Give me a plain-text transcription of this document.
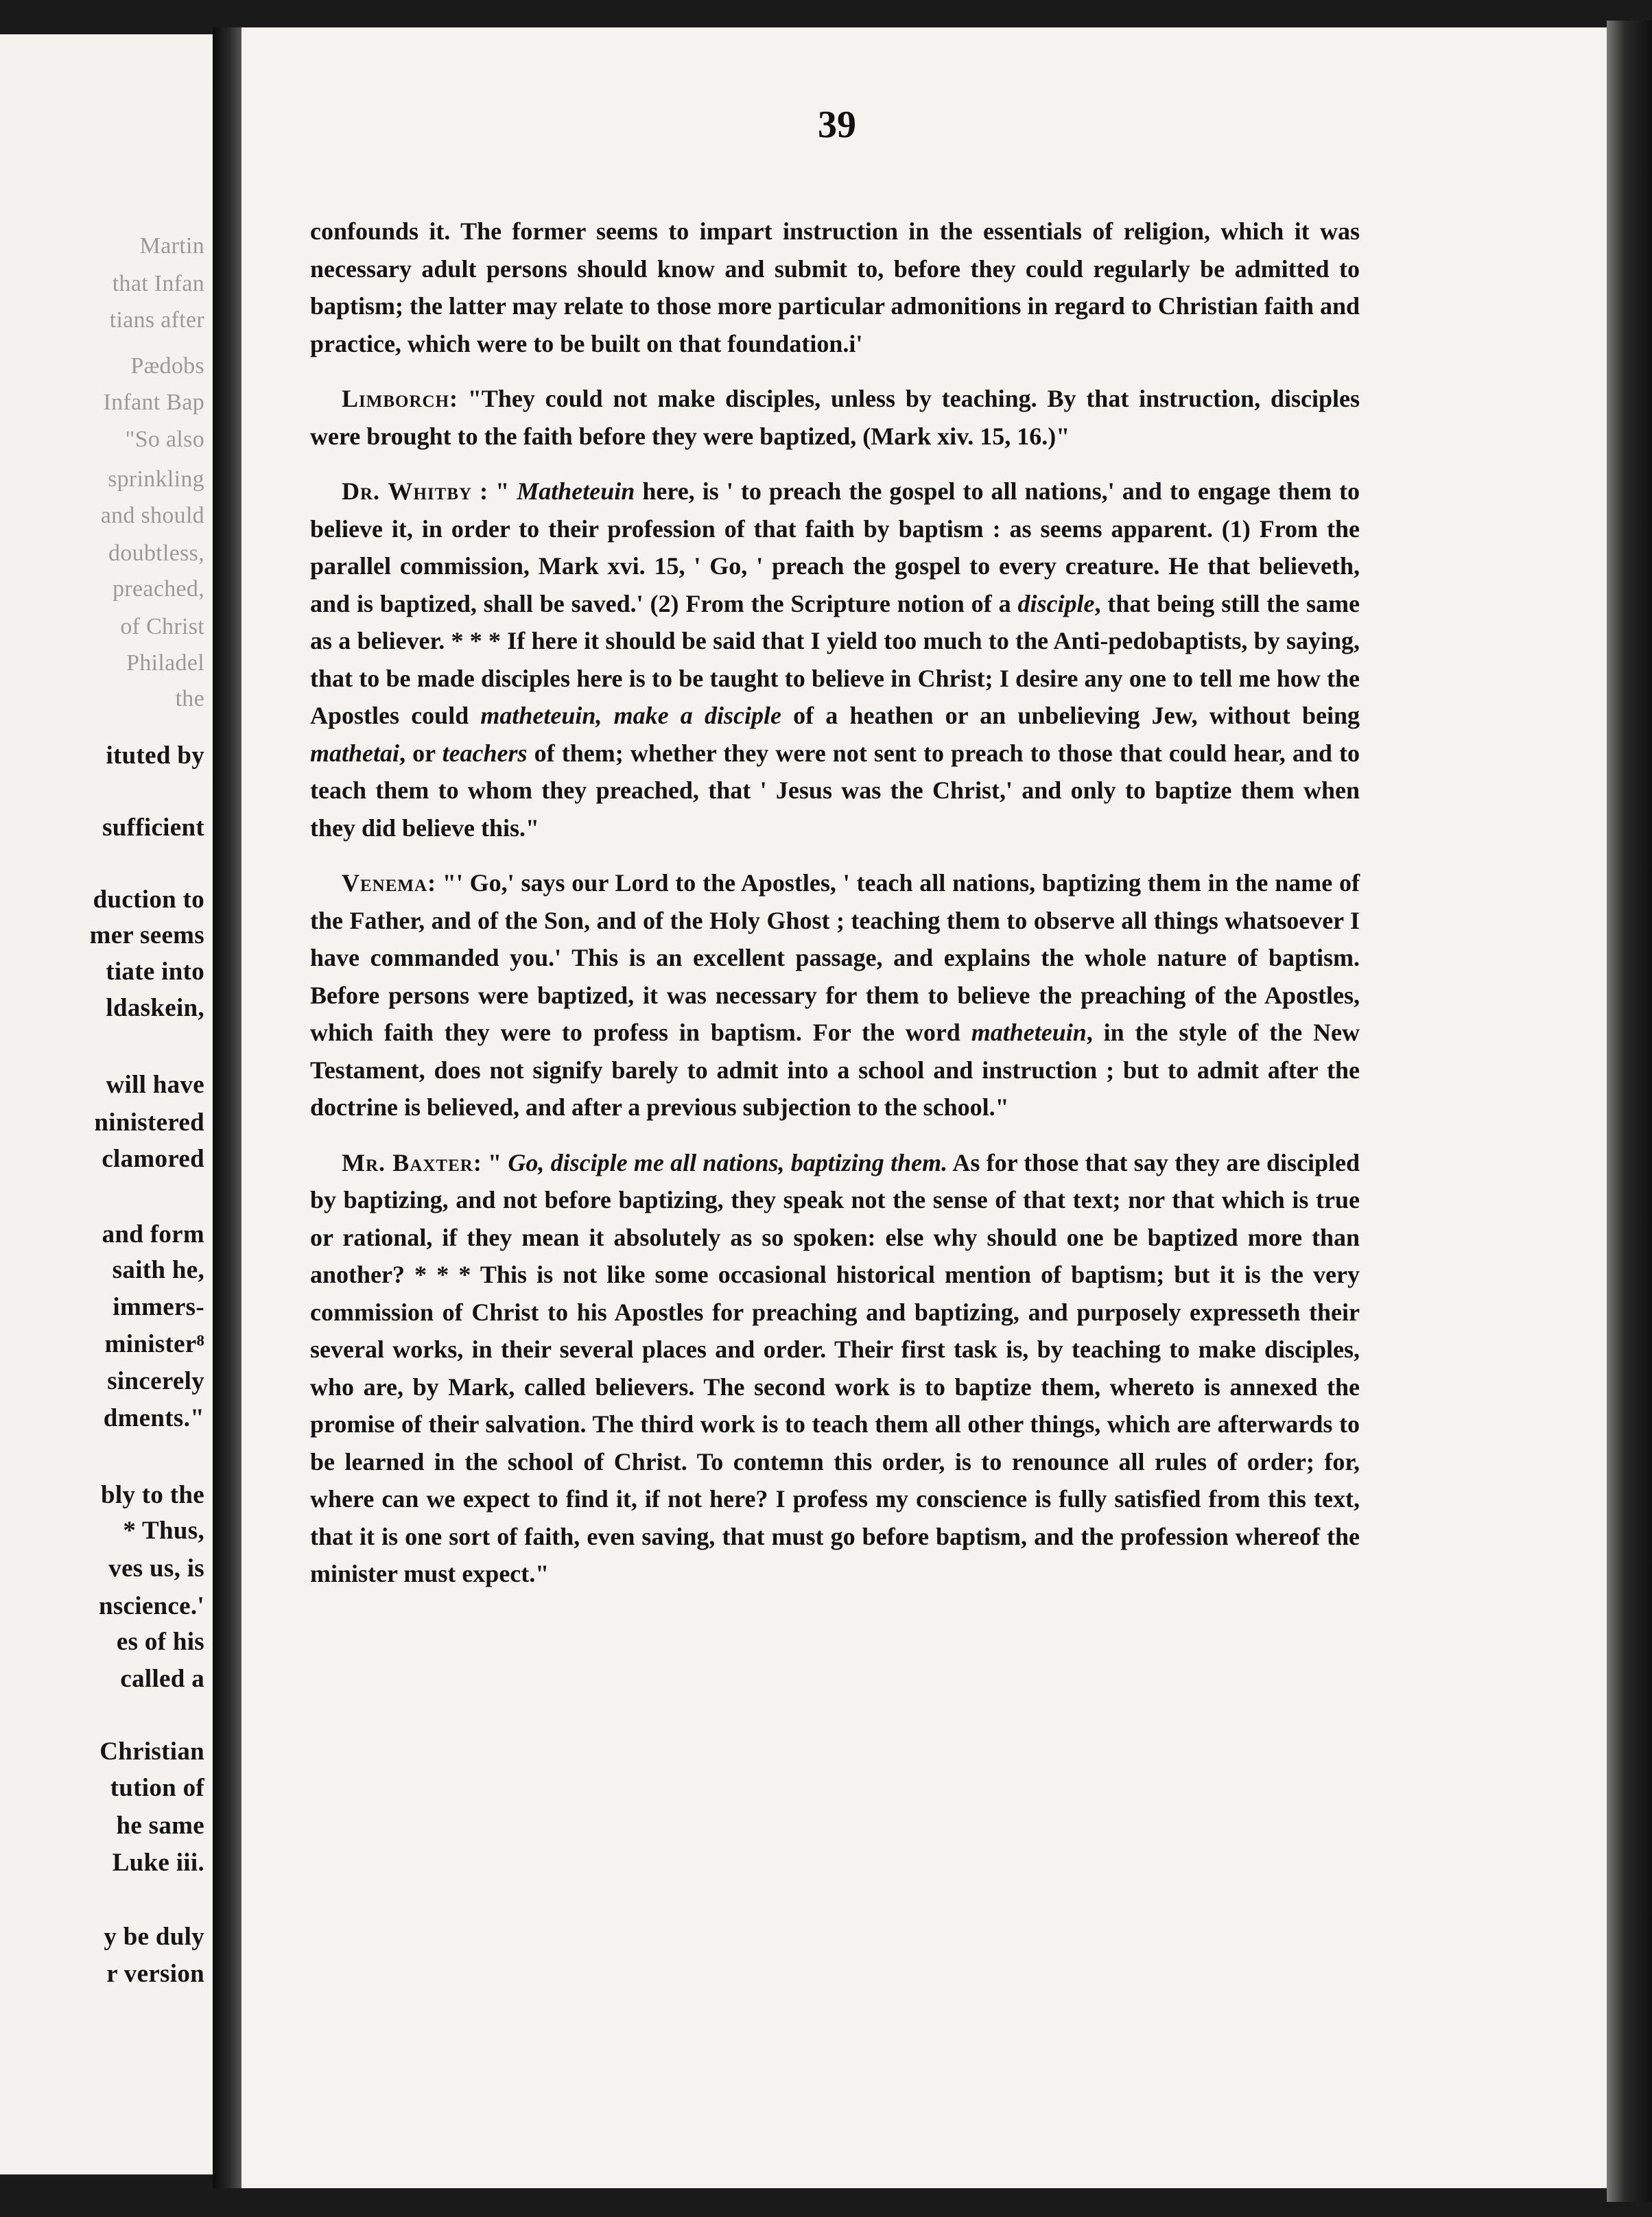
Martin
that Infan
tians after
Pædobs
Infant Bap
"So also
sprinkling
and should
doubtless,
preached,
of Christ
Philadel
the
ituted by
sufficient
duction to
mer seems
tiate into
ldaskein,
will have
ninistered
clamored
and form
saith he,
immers-
minister⁸
sincerely
dments."
bly to the
* Thus,
ves us, is
nscience.'
es of his
called a
Christian
tution of
he same
Luke iii.
y be duly
r version

39

confounds it. The former seems to impart instruction in the essentials of religion, which it was necessary adult persons should know and submit to, before they could regularly be admitted to baptism; the latter may relate to those more particular admonitions in regard to Christian faith and practice, which were to be built on that foundation.i'

Limborch: "They could not make disciples, unless by teaching. By that instruction, disciples were brought to the faith before they were baptized, (Mark xiv. 15, 16.)"

Dr. Whitby : " Matheteuin here, is ' to preach the gospel to all nations,' and to engage them to believe it, in order to their profession of that faith by baptism : as seems apparent. (1) From the parallel commission, Mark xvi. 15, ' Go, ' preach the gospel to every creature. He that believeth, and is baptized, shall be saved.' (2) From the Scripture notion of a disciple, that being still the same as a believer. * * * If here it should be said that I yield too much to the Anti-pedobaptists, by saying, that to be made disciples here is to be taught to believe in Christ; I desire any one to tell me how the Apostles could matheteuin, make a disciple of a heathen or an unbelieving Jew, without being mathetai, or teachers of them; whether they were not sent to preach to those that could hear, and to teach them to whom they preached, that ' Jesus was the Christ,' and only to baptize them when they did believe this."

Venema: "' Go,' says our Lord to the Apostles, ' teach all nations, baptizing them in the name of the Father, and of the Son, and of the Holy Ghost ; teaching them to observe all things whatsoever I have commanded you.' This is an excellent passage, and explains the whole nature of baptism. Before persons were baptized, it was necessary for them to believe the preaching of the Apostles, which faith they were to profess in baptism. For the word matheteuin, in the style of the New Testament, does not signify barely to admit into a school and instruction ; but to admit after the doctrine is believed, and after a previous subjection to the school."

Mr. Baxter: " Go, disciple me all nations, baptizing them. As for those that say they are discipled by baptizing, and not before baptizing, they speak not the sense of that text; nor that which is true or rational, if they mean it absolutely as so spoken: else why should one be baptized more than another? * * * This is not like some occasional historical mention of baptism; but it is the very commission of Christ to his Apostles for preaching and baptizing, and purposely expresseth their several works, in their several places and order. Their first task is, by teaching to make disciples, who are, by Mark, called believers. The second work is to baptize them, whereto is annexed the promise of their salvation. The third work is to teach them all other things, which are afterwards to be learned in the school of Christ. To contemn this order, is to renounce all rules of order; for, where can we expect to find it, if not here? I profess my conscience is fully satisfied from this text, that it is one sort of faith, even saving, that must go before baptism, and the profession whereof the minister must expect."
